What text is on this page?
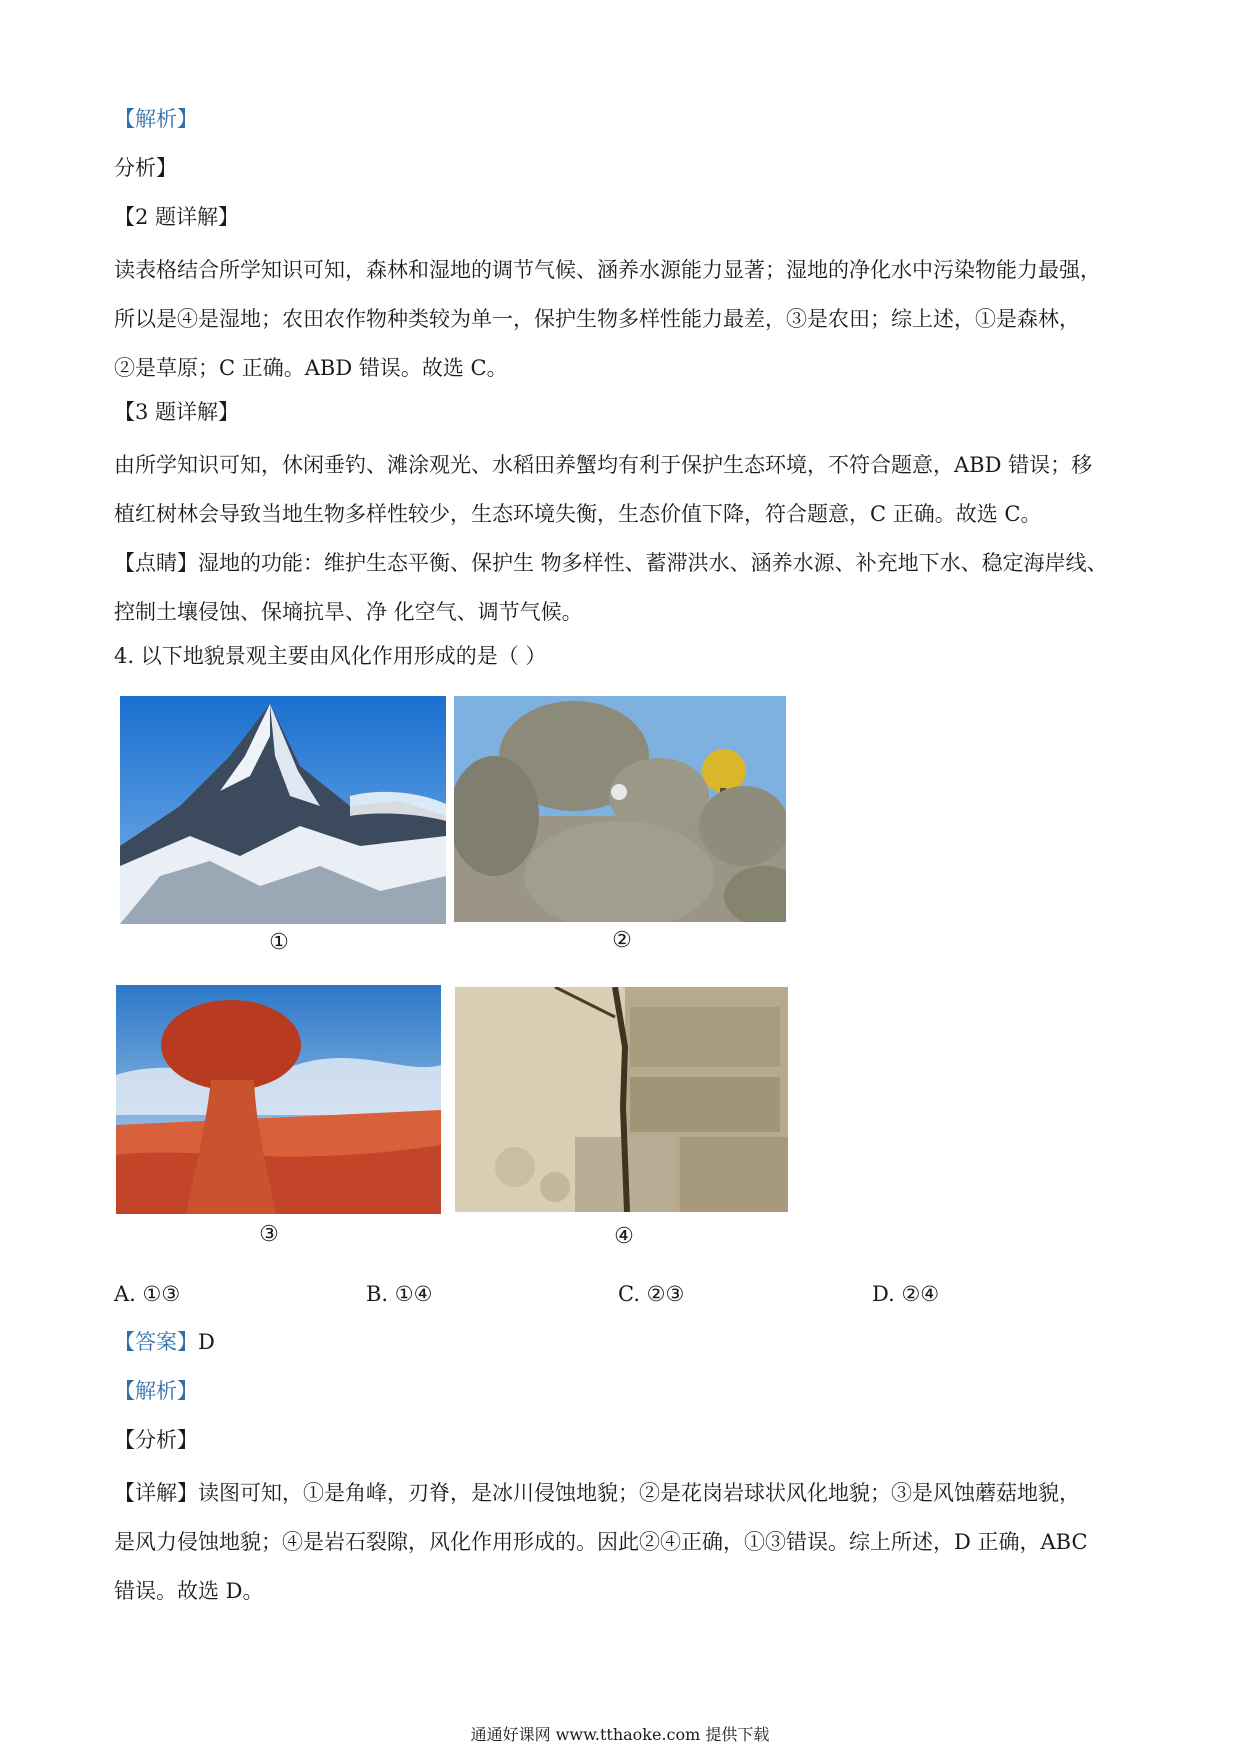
【解析】
分析】
【2 题详解】

读表格结合所学知识可知，森林和湿地的调节气候、涵养水源能力显著；湿地的净化水中污染物能力最强，

所以是④是湿地；农田农作物种类较为单一，保护生物多样性能力最差，③是农田；综上述，①是森林，

②是草原；C 正确。ABD 错误。故选 C。

【3 题详解】

由所学知识可知，休闲垂钓、滩涂观光、水稻田养蟹均有利于保护生态环境，不符合题意，ABD 错误；移

植红树林会导致当地生物多样性较少，生态环境失衡，生态价值下降，符合题意，C 正确。故选 C。

【点睛】湿地的功能：维护生态平衡、保护生 物多样性、蓄滞洪水、涵养水源、补充地下水、稳定海岸线、

控制土壤侵蚀、保墒抗旱、净 化空气、调节气候。

4. 以下地貌景观主要由风化作用形成的是（ ）
①	②
③	④
A. ①③	B. ①④	C. ②③	D. ②④
【答案】D
【解析】
【分析】

【详解】读图可知，①是角峰，刃脊，是冰川侵蚀地貌；②是花岗岩球状风化地貌；③是风蚀蘑菇地貌，

是风力侵蚀地貌；④是岩石裂隙，风化作用形成的。因此②④正确，①③错误。综上所述，D 正确，ABC

错误。故选 D。

通通好课网 www.tthaoke.com 提供下载
